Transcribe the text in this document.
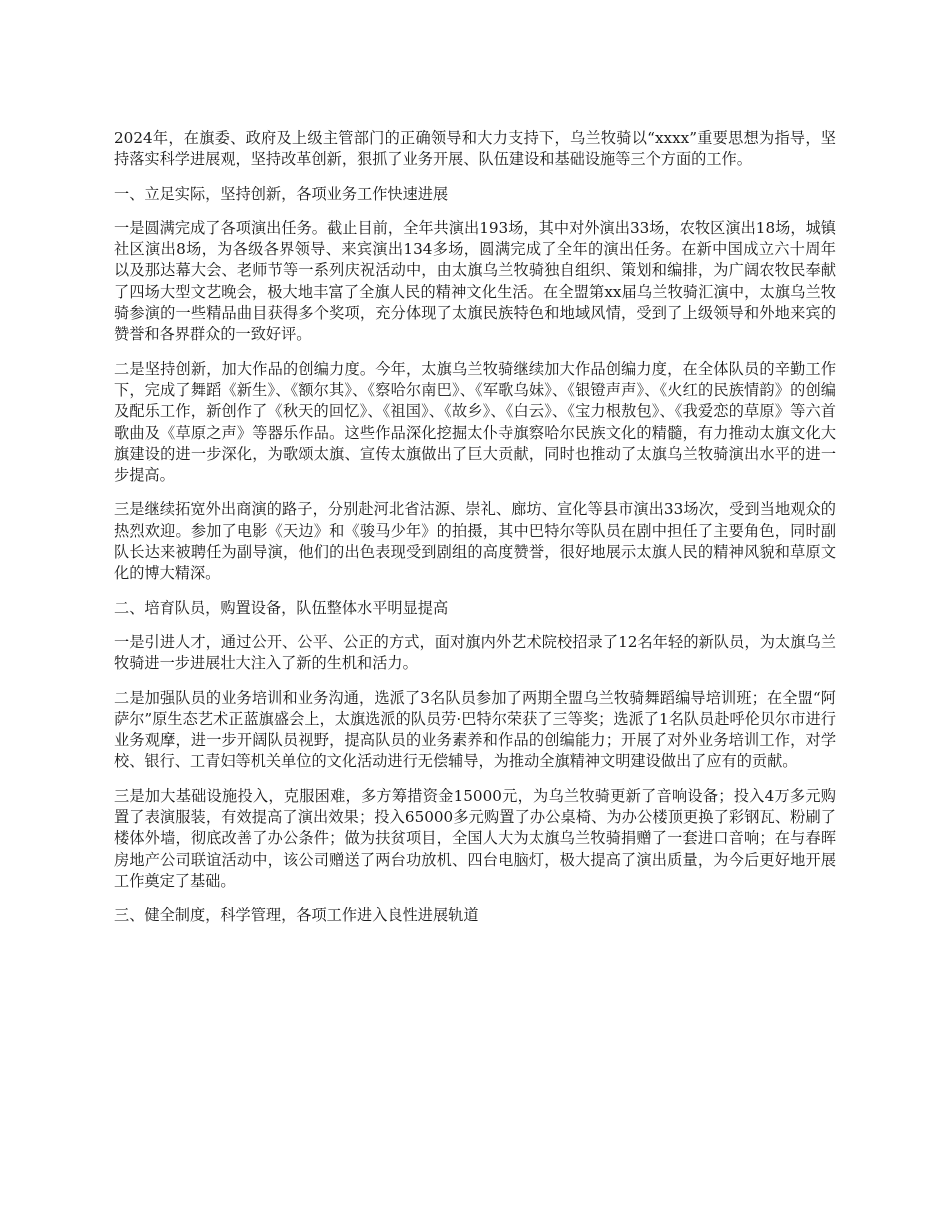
2024年，在旗委、政府及上级主管部门的正确领导和大力支持下，乌兰牧骑以“xxxx”重要思想为指导，坚持落实科学进展观，坚持改革创新，狠抓了业务开展、队伍建设和基础设施等三个方面的工作。

一、立足实际，坚持创新，各项业务工作快速进展

一是圆满完成了各项演出任务。截止目前，全年共演出193场，其中对外演出33场，农牧区演出18场，城镇社区演出8场，为各级各界领导、来宾演出134多场，圆满完成了全年的演出任务。在新中国成立六十周年以及那达幕大会、老师节等一系列庆祝活动中，由太旗乌兰牧骑独自组织、策划和编排，为广阔农牧民奉献了四场大型文艺晚会，极大地丰富了全旗人民的精神文化生活。在全盟第xx届乌兰牧骑汇演中，太旗乌兰牧骑参演的一些精品曲目获得多个奖项，充分体现了太旗民族特色和地域风情，受到了上级领导和外地来宾的赞誉和各界群众的一致好评。

二是坚持创新，加大作品的创编力度。今年，太旗乌兰牧骑继续加大作品创编力度，在全体队员的辛勤工作下，完成了舞蹈《新生》、《额尔其》、《察哈尔南巴》、《军歌乌妹》、《银镫声声》、《火红的民族情韵》的创编及配乐工作，新创作了《秋天的回忆》、《祖国》、《故乡》、《白云》、《宝力根敖包》、《我爱恋的草原》等六首歌曲及《草原之声》等器乐作品。这些作品深化挖掘太仆寺旗察哈尔民族文化的精髓，有力推动太旗文化大旗建设的进一步深化，为歌颂太旗、宣传太旗做出了巨大贡献，同时也推动了太旗乌兰牧骑演出水平的进一步提高。

三是继续拓宽外出商演的路子，分别赴河北省沽源、崇礼、廊坊、宣化等县市演出33场次，受到当地观众的热烈欢迎。参加了电影《天边》和《骏马少年》的拍摄，其中巴特尔等队员在剧中担任了主要角色，同时副队长达来被聘任为副导演，他们的出色表现受到剧组的高度赞誉，很好地展示太旗人民的精神风貌和草原文化的博大精深。

二、培育队员，购置设备，队伍整体水平明显提高

一是引进人才，通过公开、公平、公正的方式，面对旗内外艺术院校招录了12名年轻的新队员，为太旗乌兰牧骑进一步进展壮大注入了新的生机和活力。

二是加强队员的业务培训和业务沟通，选派了3名队员参加了两期全盟乌兰牧骑舞蹈编导培训班；在全盟“阿萨尔”原生态艺术正蓝旗盛会上，太旗选派的队员劳·巴特尔荣获了三等奖；选派了1名队员赴呼伦贝尔市进行业务观摩，进一步开阔队员视野，提高队员的业务素养和作品的创编能力；开展了对外业务培训工作，对学校、银行、工青妇等机关单位的文化活动进行无偿辅导，为推动全旗精神文明建设做出了应有的贡献。

三是加大基础设施投入，克服困难，多方筹措资金15000元，为乌兰牧骑更新了音响设备；投入4万多元购置了表演服装，有效提高了演出效果；投入65000多元购置了办公桌椅、为办公楼顶更换了彩钢瓦、粉刷了楼体外墙，彻底改善了办公条件；做为扶贫项目，全国人大为太旗乌兰牧骑捐赠了一套进口音响；在与春晖房地产公司联谊活动中，该公司赠送了两台功放机、四台电脑灯，极大提高了演出质量，为今后更好地开展工作奠定了基础。

三、健全制度，科学管理，各项工作进入良性进展轨道
